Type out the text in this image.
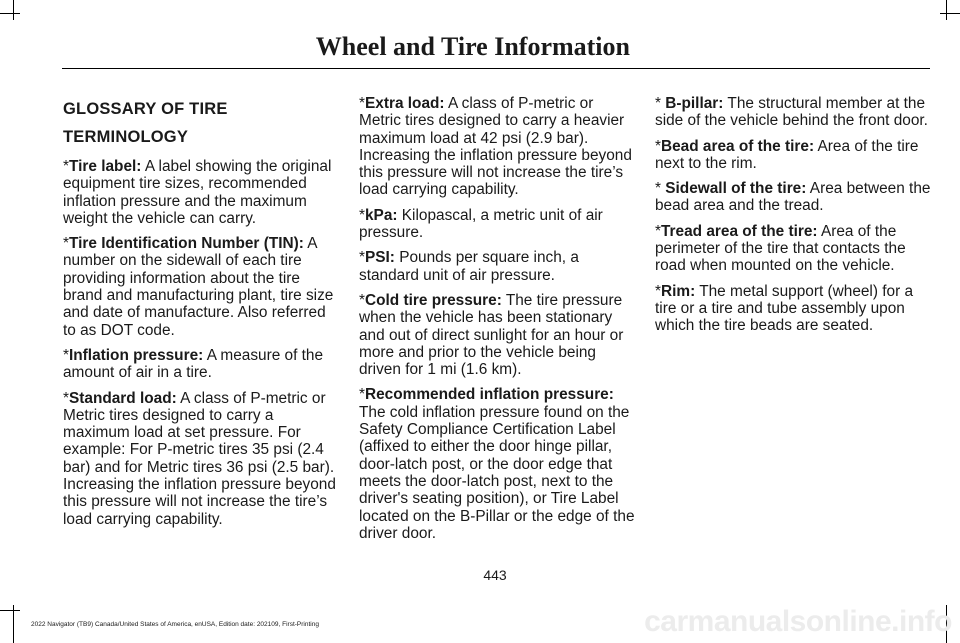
Wheel and Tire Information
GLOSSARY OF TIRE
TERMINOLOGY

*Tire label: A label showing the original equipment tire sizes, recommended inflation pressure and the maximum weight the vehicle can carry.

*Tire Identification Number (TIN): A number on the sidewall of each tire providing information about the tire brand and manufacturing plant, tire size and date of manufacture. Also referred to as DOT code.

*Inflation pressure: A measure of the amount of air in a tire.

*Standard load: A class of P-metric or Metric tires designed to carry a maximum load at set pressure. For example: For P-metric tires 35 psi (2.4 bar) and for Metric tires 36 psi (2.5 bar). Increasing the inflation pressure beyond this pressure will not increase the tire’s load carrying capability.

*Extra load: A class of P-metric or Metric tires designed to carry a heavier maximum load at 42 psi (2.9 bar). Increasing the inflation pressure beyond this pressure will not increase the tire’s load carrying capability.

*kPa: Kilopascal, a metric unit of air pressure.

*PSI: Pounds per square inch, a standard unit of air pressure.

*Cold tire pressure: The tire pressure when the vehicle has been stationary and out of direct sunlight for an hour or more and prior to the vehicle being driven for 1 mi (1.6 km).

*Recommended inflation pressure: The cold inflation pressure found on the Safety Compliance Certification Label (affixed to either the door hinge pillar, door-latch post, or the door edge that meets the door-latch post, next to the driver's seating position), or Tire Label located on the B-Pillar or the edge of the driver door.

* B-pillar: The structural member at the side of the vehicle behind the front door.

*Bead area of the tire: Area of the tire next to the rim.

* Sidewall of the tire: Area between the bead area and the tread.

*Tread area of the tire: Area of the perimeter of the tire that contacts the road when mounted on the vehicle.

*Rim: The metal support (wheel) for a tire or a tire and tube assembly upon which the tire beads are seated.

443
2022 Navigator (TB9) Canada/United States of America, enUSA, Edition date: 202109, First-Printing	carmanualsonline.info
